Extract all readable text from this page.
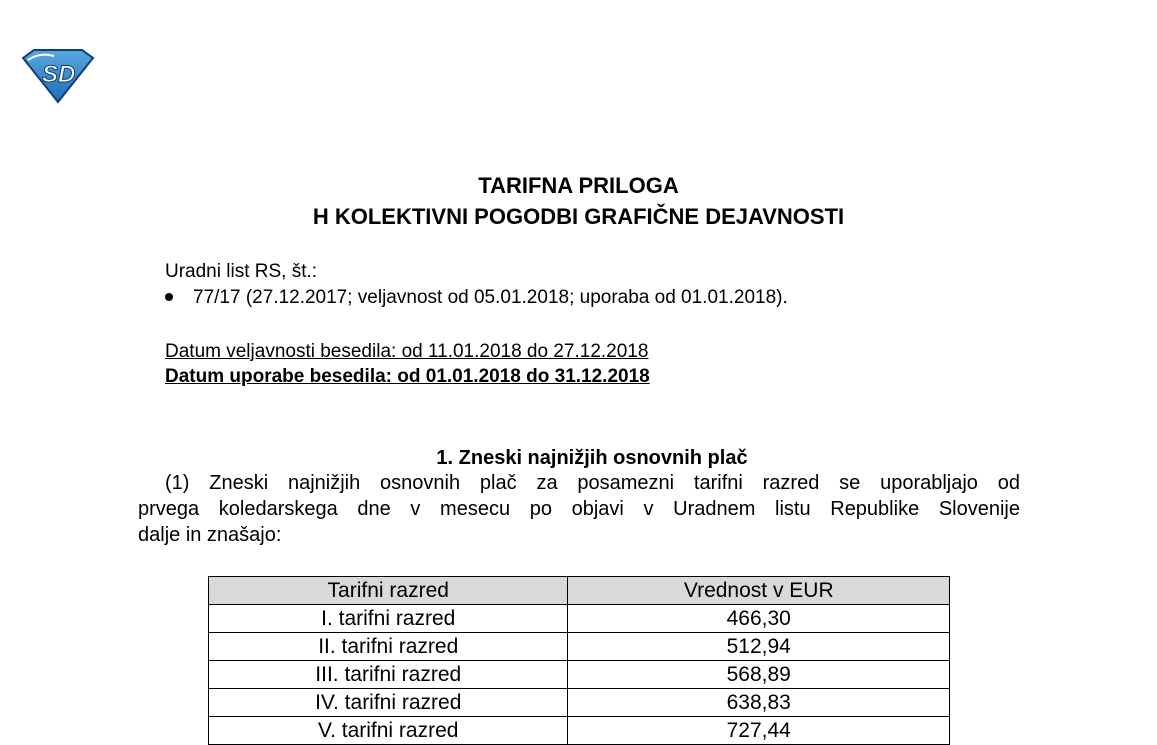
SD
TARIFNA PRILOGA
H KOLEKTIVNI POGODBI GRAFIČNE DEJAVNOSTI
Uradni list RS, št.:
77/17 (27.12.2017; veljavnost od 05.01.2018; uporaba od 01.01.2018).
Datum veljavnosti besedila: od 11.01.2018 do 27.12.2018
Datum uporabe besedila: od 01.01.2018 do 31.12.2018
1. Zneski najnižjih osnovnih plač
(1) Zneski najnižjih osnovnih plač za posamezni tarifni razred se uporabljajo od
prvega koledarskega dne v mesecu po objavi v Uradnem listu Republike Slovenije
dalje in znašajo:
Tarifni razred	Vrednost v EUR
I. tarifni razred	466,30
II. tarifni razred	512,94
III. tarifni razred	568,89
IV. tarifni razred	638,83
V. tarifni razred	727,44
